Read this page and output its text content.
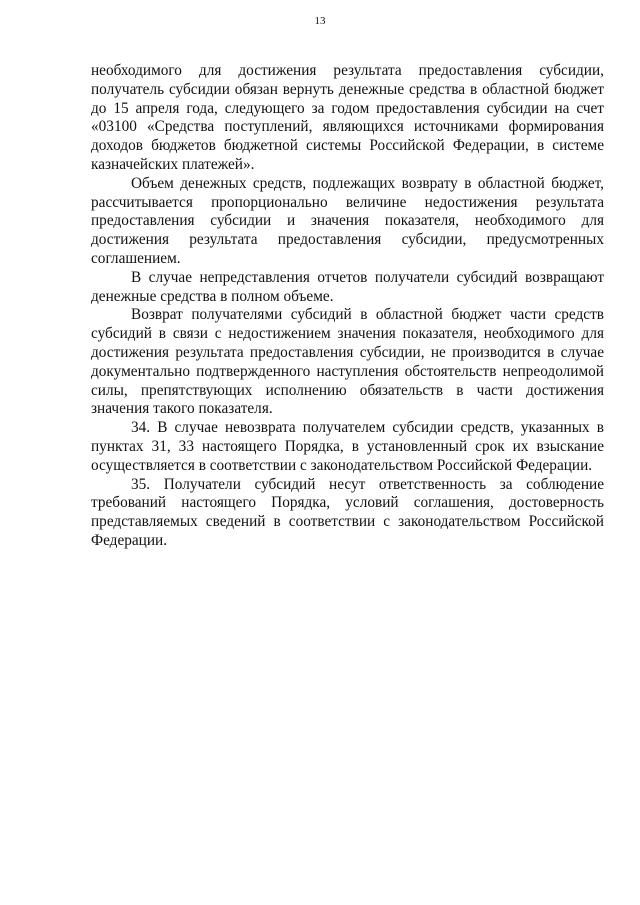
13

необходимого для достижения результата предоставления субсидии, получатель субсидии обязан вернуть денежные средства в областной бюджет до 15 апреля года, следующего за годом предоставления субсидии на счет «03100 «Средства поступлений, являющихся источниками формирования доходов бюджетов бюджетной системы Российской Федерации, в системе казначейских платежей».

Объем денежных средств, подлежащих возврату в областной бюджет, рассчитывается пропорционально величине недостижения результата предоставления субсидии и значения показателя, необходимого для достижения результата предоставления субсидии, предусмотренных соглашением.

В случае непредставления отчетов получатели субсидий возвращают денежные средства в полном объеме.

Возврат получателями субсидий в областной бюджет части средств субсидий в связи с недостижением значения показателя, необходимого для достижения результата предоставления субсидии, не производится в случае документально подтвержденного наступления обстоятельств непреодолимой силы, препятствующих исполнению обязательств в части достижения значения такого показателя.

34. В случае невозврата получателем субсидии средств, указанных в пунктах 31, 33 настоящего Порядка, в установленный срок их взыскание осуществляется в соответствии с законодательством Российской Федерации.

35. Получатели субсидий несут ответственность за соблюдение требований настоящего Порядка, условий соглашения, достоверность представляемых сведений в соответствии с законодательством Российской Федерации.
